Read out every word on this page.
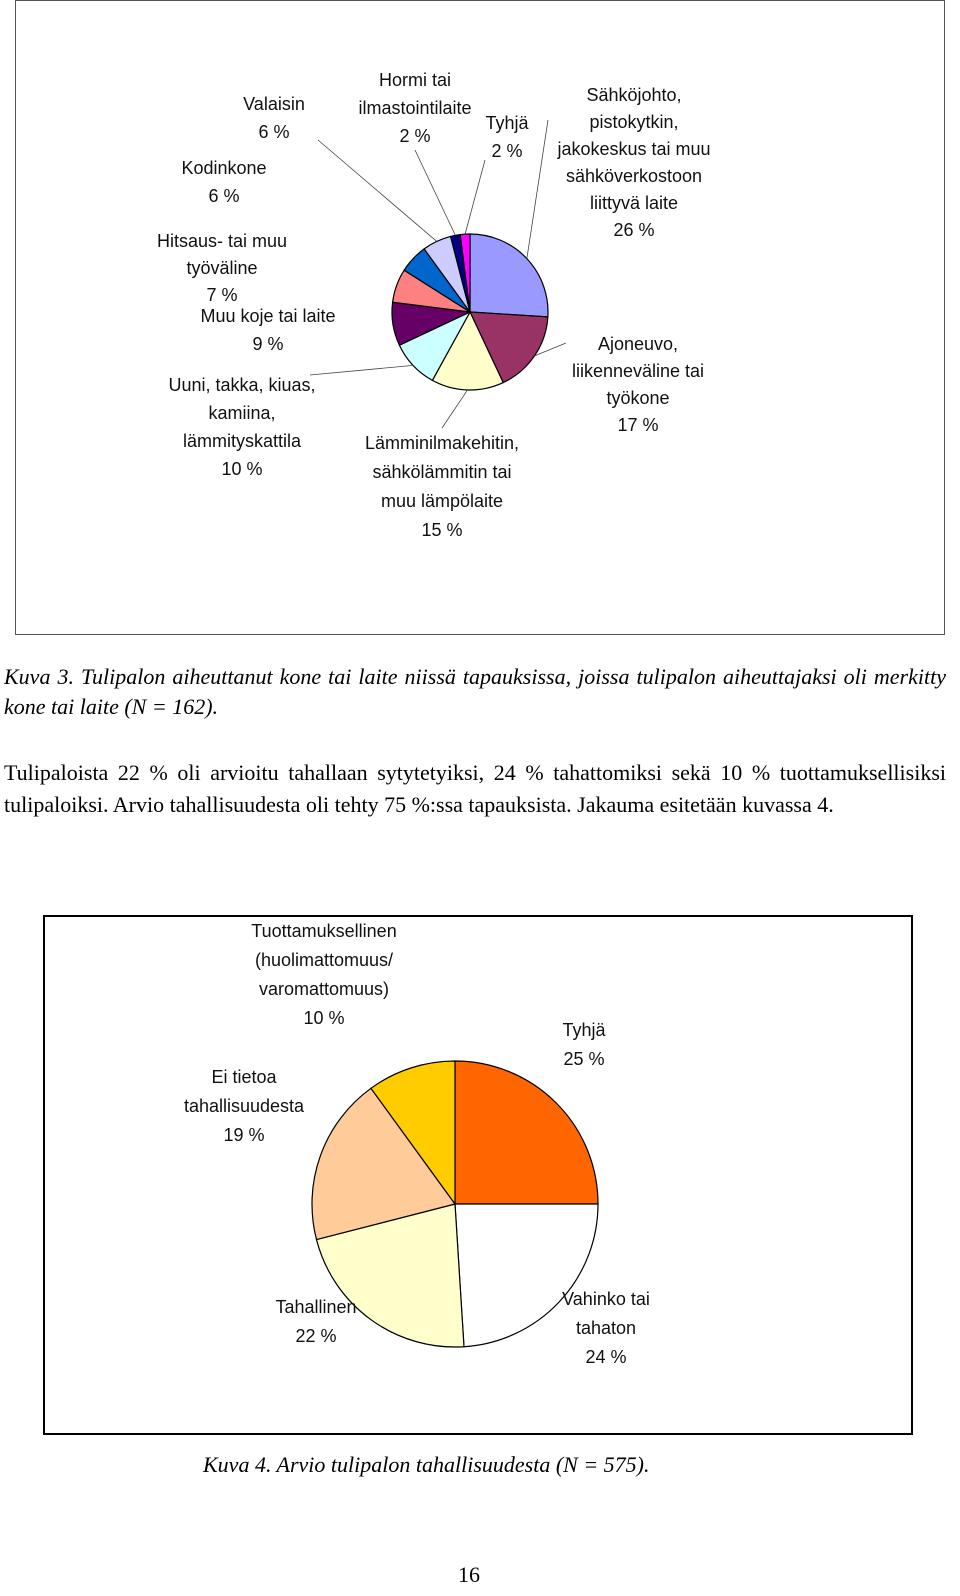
Sähköjohto, pistokytkin, jakokeskus tai muu sähköverkostoon liittyvä laite 26 %
Ajoneuvo, liikenneväline tai työkone 17 %
Lämminilmakehitin, sähkölämmitin tai muu lämpölaite 15 %
Uuni, takka, kiuas, kamiina, lämmityskattila 10 %
Muu koje tai laite 9 %
Hitsaus- tai muu työväline 7 %
Kodinkone 6 %
Valaisin 6 %
Hormi tai ilmastointilaite 2 %
Tyhjä 2 %
Kuva 3. Tulipalon aiheuttanut kone tai laite niissä tapauksissa, joissa tulipalon aiheuttajaksi oli merkitty kone tai laite (N = 162).
Tulipaloista 22 % oli arvioitu tahallaan sytytetyiksi, 24 % tahattomiksi sekä 10 % tuottamuksellisiksi tulipaloiksi. Arvio tahallisuudesta oli tehty 75 %:ssa tapauksista. Jakauma esitetään kuvassa 4.
Tyhjä 25 %
Vahinko tai tahaton 24 %
Tahallinen 22 %
Ei tietoa tahallisuudesta 19 %
Tuottamuksellinen (huolimattomuus/ varomattomuus) 10 %
Kuva 4. Arvio tulipalon tahallisuudesta (N = 575).
16
